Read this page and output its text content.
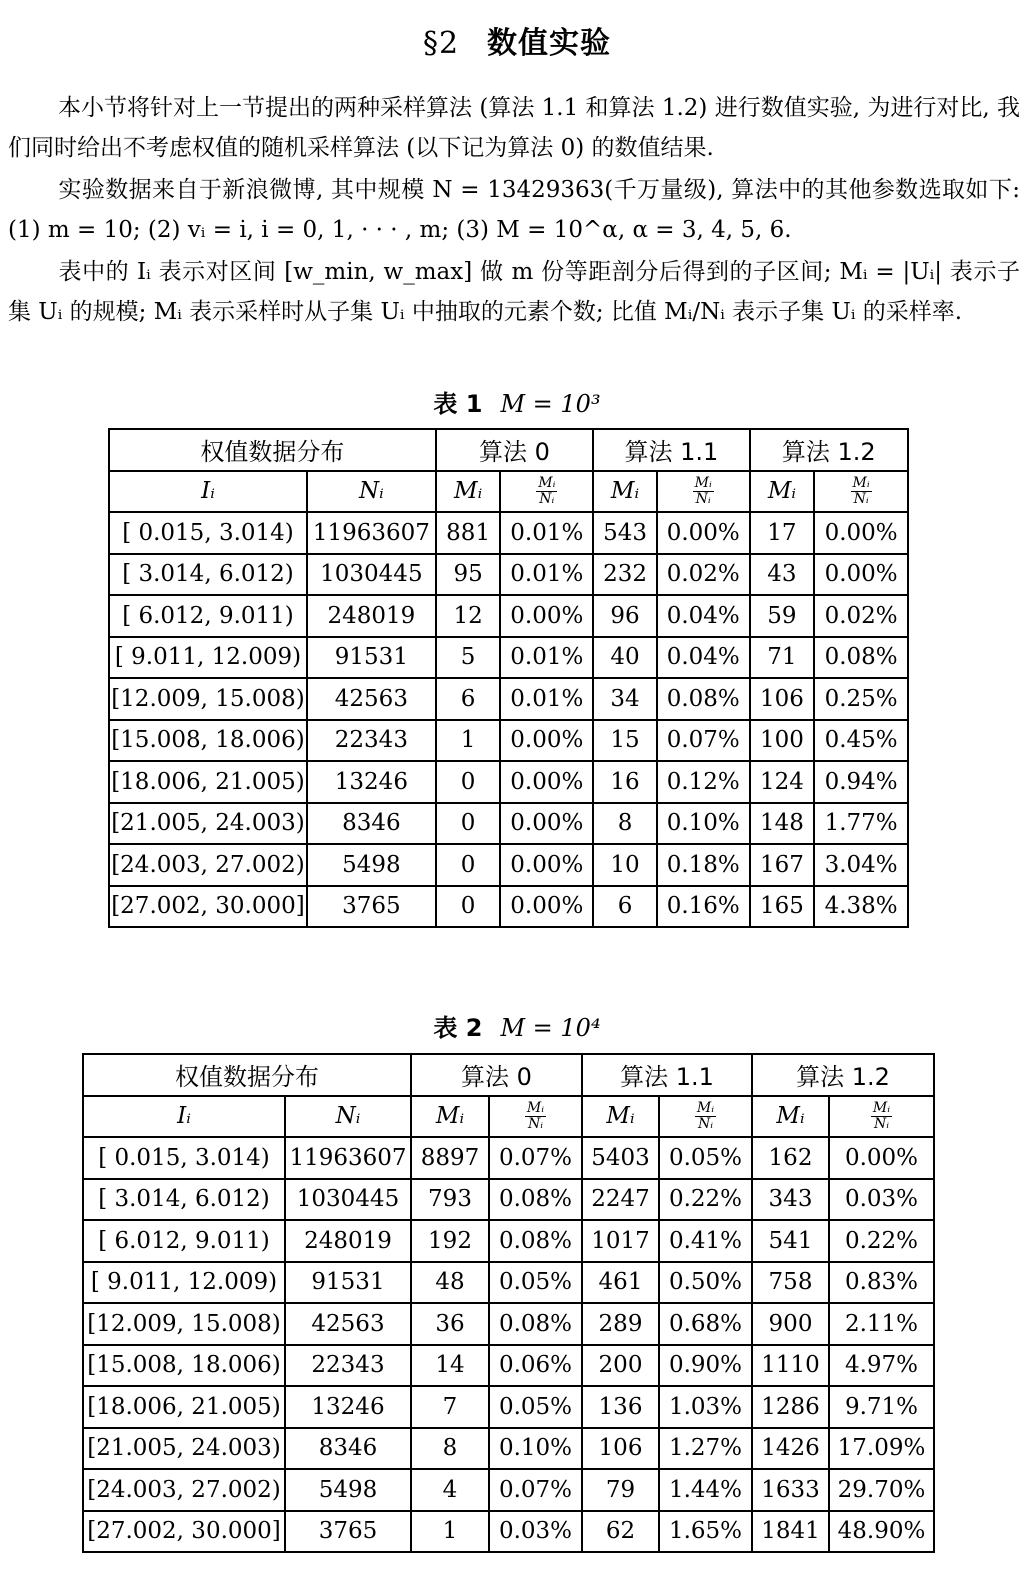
§2 数值实验
本小节将针对上一节提出的两种采样算法 (算法 1.1 和算法 1.2) 进行数值实验, 为进行对比, 我们同时给出不考虑权值的随机采样算法 (以下记为算法 0) 的数值结果.
实验数据来自于新浪微博, 其中规模 N = 13429363(千万量级), 算法中的其他参数选取如下: (1) m = 10; (2) vᵢ = i, i = 0, 1, · · · , m; (3) M = 10^α, α = 3, 4, 5, 6.
表中的 Iᵢ 表示对区间 [w_min, w_max] 做 m 份等距剖分后得到的子区间; Mᵢ = |Uᵢ| 表示子集 Uᵢ 的规模; Mᵢ 表示采样时从子集 Uᵢ 中抽取的元素个数; 比值 Mᵢ/Nᵢ 表示子集 Uᵢ 的采样率.
表 1 M = 10³
权值数据分布		算法 0		算法 1.1		算法 1.2	
Iᵢ	Nᵢ	Mᵢ	$\frac{\text{Mᵢ}}{\text{Nᵢ}}$	Mᵢ	$\frac{\text{Mᵢ}}{\text{Nᵢ}}$	Mᵢ	$\frac{\text{Mᵢ}}{\text{Nᵢ}}$

[ 0.015, 3.014)	11963607	881	0.01%	543	0.00%	17	0.00%
[ 3.014, 6.012)	1030445	95	0.01%	232	0.02%	43	0.00%
[ 6.012, 9.011)	248019	12	0.00%	96	0.04%	59	0.02%
[ 9.011, 12.009)	91531	5	0.01%	40	0.04%	71	0.08%
[12.009, 15.008)	42563	6	0.01%	34	0.08%	106	0.25%
[15.008, 18.006)	22343	1	0.00%	15	0.07%	100	0.45%
[18.006, 21.005)	13246	0	0.00%	16	0.12%	124	0.94%
[21.005, 24.003)	8346	0	0.00%	8	0.10%	148	1.77%
[24.003, 27.002)	5498	0	0.00%	10	0.18%	167	3.04%
[27.002, 30.000]	3765	0	0.00%	6	0.16%	165	4.38%
表 2 M = 10⁴
权值数据分布		算法 0		算法 1.1		算法 1.2	
Iᵢ	Nᵢ	Mᵢ	$\frac{\text{Mᵢ}}{\text{Nᵢ}}$	Mᵢ	$\frac{\text{Mᵢ}}{\text{Nᵢ}}$	Mᵢ	$\frac{\text{Mᵢ}}{\text{Nᵢ}}$

[ 0.015, 3.014)	11963607	8897	0.07%	5403	0.05%	162	0.00%
[ 3.014, 6.012)	1030445	793	0.08%	2247	0.22%	343	0.03%
[ 6.012, 9.011)	248019	192	0.08%	1017	0.41%	541	0.22%
[ 9.011, 12.009)	91531	48	0.05%	461	0.50%	758	0.83%
[12.009, 15.008)	42563	36	0.08%	289	0.68%	900	2.11%
[15.008, 18.006)	22343	14	0.06%	200	0.90%	1110	4.97%
[18.006, 21.005)	13246	7	0.05%	136	1.03%	1286	9.71%
[21.005, 24.003)	8346	8	0.10%	106	1.27%	1426	17.09%
[24.003, 27.002)	5498	4	0.07%	79	1.44%	1633	29.70%
[27.002, 30.000]	3765	1	0.03%	62	1.65%	1841	48.90%
